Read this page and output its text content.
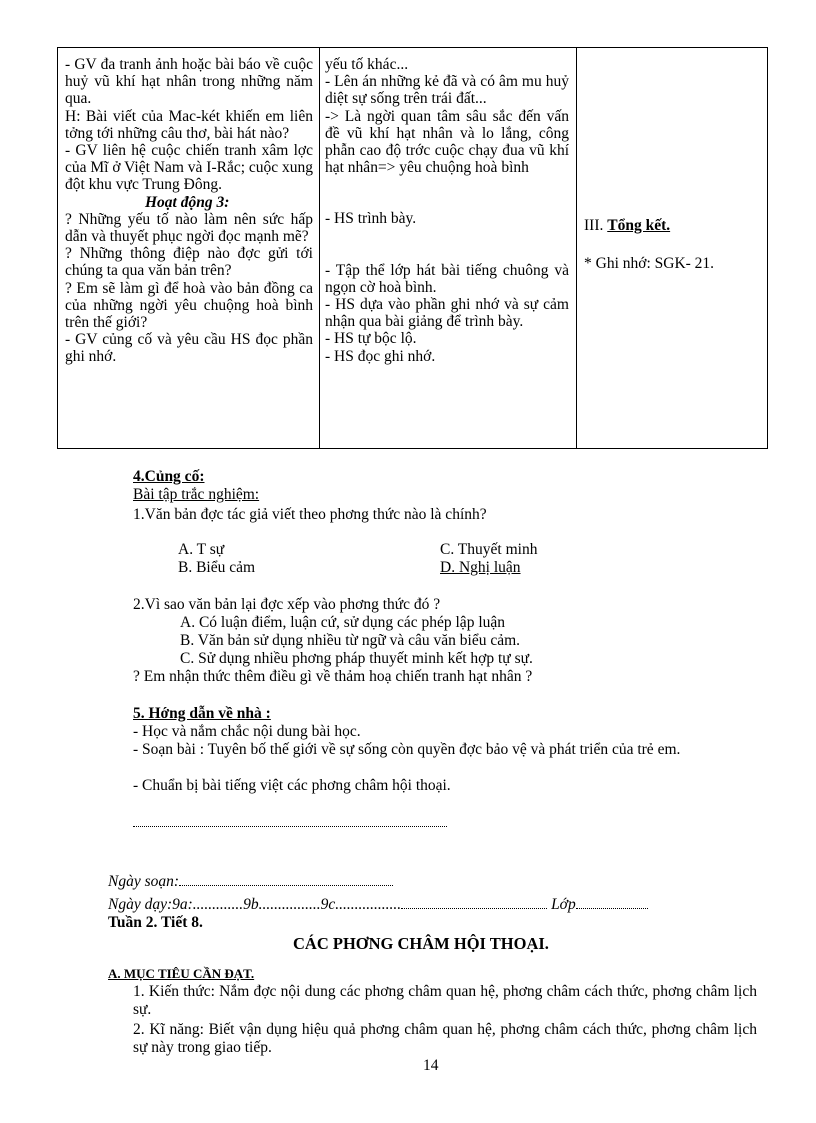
- GV đa tranh ảnh hoặc bài báo về cuộc huỷ vũ khí hạt nhân trong những năm qua.

H: Bài viết của Mac-két khiến em liên tởng tới những câu thơ, bài hát nào?

- GV liên hệ cuộc chiến tranh xâm lợc của Mĩ ở Việt Nam và I-Rắc; cuộc xung đột khu vực Trung Đông.

Hoạt động 3:

? Những yếu tố nào làm nên sức hấp dẫn và thuyết phục ngời đọc mạnh mẽ?

? Những thông điệp nào đợc gửi tới chúng ta qua văn bản trên?

? Em sẽ làm gì để hoà vào bản đồng ca của những ngời yêu chuộng hoà bình trên thế giới?

- GV củng cố và yêu cầu HS đọc phần ghi nhớ.

yếu tố khác...

- Lên án những kẻ đã và có âm mu huỷ diệt sự sống trên trái đất...

-> Là ngời quan tâm sâu sắc đến vấn đề vũ khí hạt nhân và lo lắng, công phẫn cao độ trớc cuộc chạy đua vũ khí hạt nhân=> yêu chuộng hoà bình

- HS trình bày.

- Tập thể lớp hát bài tiếng chuông và ngọn cờ hoà bình.

- HS dựa vào phần ghi nhớ và sự cảm nhận qua bài giảng để trình bày.

- HS tự bộc lộ.

- HS đọc ghi nhớ.

III. Tổng kết.
* Ghi nhớ: SGK- 21.
4.Củng cố:
Bài tập trắc nghiệm:
1.Văn bản đợc tác giả viết theo phơng thức nào là chính?
A. T sự
B. Biểu cảm
C. Thuyết minh
D. Nghị luận
2.Vì sao văn bản lại đợc xếp vào phơng thức đó ?
A. Có luận điểm, luận cứ, sử dụng các phép lập luận
B. Văn bản sử dụng nhiều từ ngữ và câu văn biểu cảm.
C. Sử dụng nhiều phơng pháp thuyết minh kết hợp tự sự.
? Em nhận thức thêm điều gì về thảm hoạ chiến tranh hạt nhân ?
5. Hớng dẫn về nhà :
- Học và nắm chắc nội dung bài học.
- Soạn bài : Tuyên bố thế giới về sự sống còn quyền đợc bảo vệ và phát triển của trẻ em.
- Chuẩn bị bài tiếng việt các phơng châm hội thoại.
Ngày soạn:
Ngày dạy:9a:.............9b................9c.................	Lớp
Tuần 2. Tiết 8.
CÁC PHƠNG CHÂM HỘI THOẠI.
A. MỤC TIÊU CẦN ĐẠT.
1. Kiến thức: Nắm đợc nội dung các phơng châm quan hệ, phơng châm cách thức, phơng châm lịch sự.
2. Kĩ năng: Biết vận dụng hiệu quả phơng châm quan hệ, phơng châm cách thức, phơng châm lịch sự này trong giao tiếp.
14
